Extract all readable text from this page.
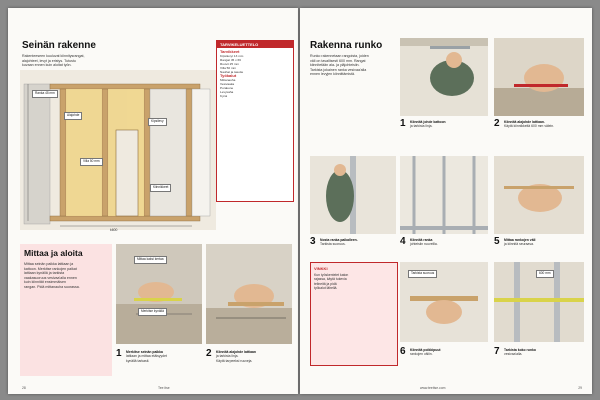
Seinän rakenne
Rakenteeseen kuuluvat kiinnitysrangat,
alajohteet, levyt ja eristys. Tutustu
kuvaan ennen kuin aloitat työn.
Ranka 45 mm
Alajohde
Kipsilevy
Villa 50 mm
Kiinnikkeet
k600
TARVIKELUETTELO
Tarvikkeet
Kipsilevyt 13 mm
Rangat 45 x 66
Ruuvit 25 mm
Villa 50 mm
Nauhat ja tasoite
Työkalut
Mittanauha
Vesivaaka
Porakone
Levysaha
Kynä
Mittaa ja aloita
Mittaa seinän paikka lattiaan ja
kattoon. Merkitse rankojen paikat
lattiaan kynällä ja tarkista
vaakasuoruus vesivaa'alla ennen
kuin kiinnität ensimmäisen
rangan. Pidä mittanauha suorassa.
Mittaa kaksi kertaa
Merkitse kynällä
1 Merkitse seinän paikka
lattiaan ja mittaa etäisyydet
kynällä tarkasti.
2 Kiinnitä alajohde lattiaan
ja tarkista linja.
Käytä tarpeeksi ruuveja.
28	Tee itse
Rakenna runko
Runko rakennetaan rangoista, joiden
väli on tavallisesti 600 mm. Rangat
kiinnitetään ala- ja yläjohteisiin.
Tarkista jokainen ranka vesivaa'alla
ennen levyjen kiinnittämistä.
1 Kiinnitä johde kattoon
ja tarkista linja.	2 Kiinnitä alajohde lattiaan.
Käytä kiinnikkeitä 600 mm välein.
3 Nosta ranka paikalleen.
Tarkista suoruus.	4 Kiinnitä ranka
johteisiin ruuveilla.	5 Mittaa rankojen väli
ja kiinnitä seuraava.
VINKKI
Kun työskentelet katon
rajassa, käytä tukevia
telineitä ja pidä
työkalut lähellä.
Tarkista suoruus
6 Kiinnitä poikkipuut
rankojen väliin.
600 mm
7 Tarkista koko runko
vesivaa'alla.
www.teeitse.com	29
